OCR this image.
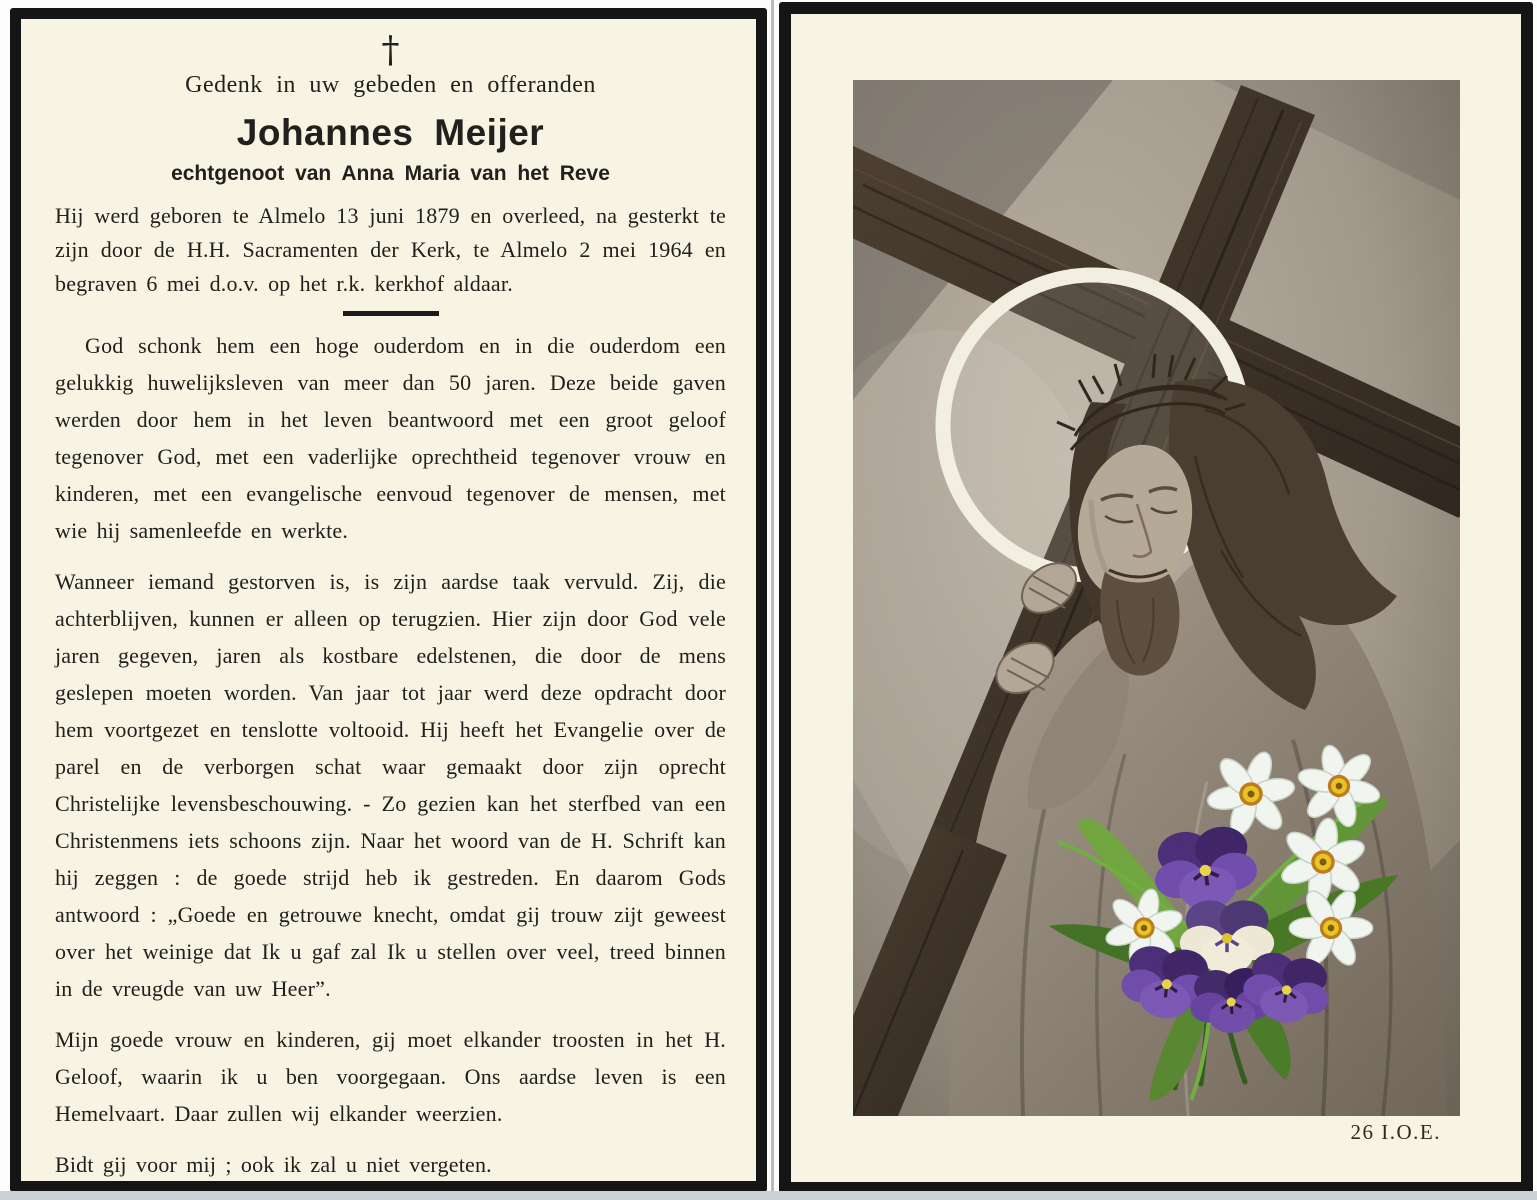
†
Gedenk in uw gebeden en offeranden
Johannes Meijer
echtgenoot van Anna Maria van het Reve

Hij werd geboren te Almelo 13 juni 1879 en overleed, na gesterkt te zijn door de H.H. Sacramenten der Kerk, te Almelo 2 mei 1964 en begraven 6 mei d.o.v. op het r.k. kerkhof aldaar.

God schonk hem een hoge ouderdom en in die ouderdom een gelukkig huwelijksleven van meer dan 50 jaren. Deze beide gaven werden door hem in het leven beantwoord met een groot geloof tegenover God, met een vaderlijke oprechtheid tegenover vrouw en kinderen, met een evangelische eenvoud tegenover de mensen, met wie hij samenleefde en werkte.

Wanneer iemand gestorven is, is zijn aardse taak vervuld. Zij, die achterblijven, kunnen er alleen op terugzien. Hier zijn door God vele jaren gegeven, jaren als kostbare edelstenen, die door de mens geslepen moeten worden. Van jaar tot jaar werd deze opdracht door hem voortgezet en tenslotte voltooid. Hij heeft het Evangelie over de parel en de verborgen schat waar gemaakt door zijn oprecht Christelijke levensbeschouwing. - Zo gezien kan het sterfbed van een Christenmens iets schoons zijn. Naar het woord van de H. Schrift kan hij zeggen : de goede strijd heb ik gestreden. En daarom Gods antwoord : „Goede en getrouwe knecht, omdat gij trouw zijt geweest over het weinige dat Ik u gaf zal Ik u stellen over veel, treed binnen in de vreugde van uw Heer”.

Mijn goede vrouw en kinderen, gij moet elkander troosten in het H. Geloof, waarin ik u ben voorgegaan. Ons aardse leven is een Hemelvaart. Daar zullen wij elkander weerzien.

Bidt gij voor mij ; ook ik zal u niet vergeten.

26 I.O.E.
